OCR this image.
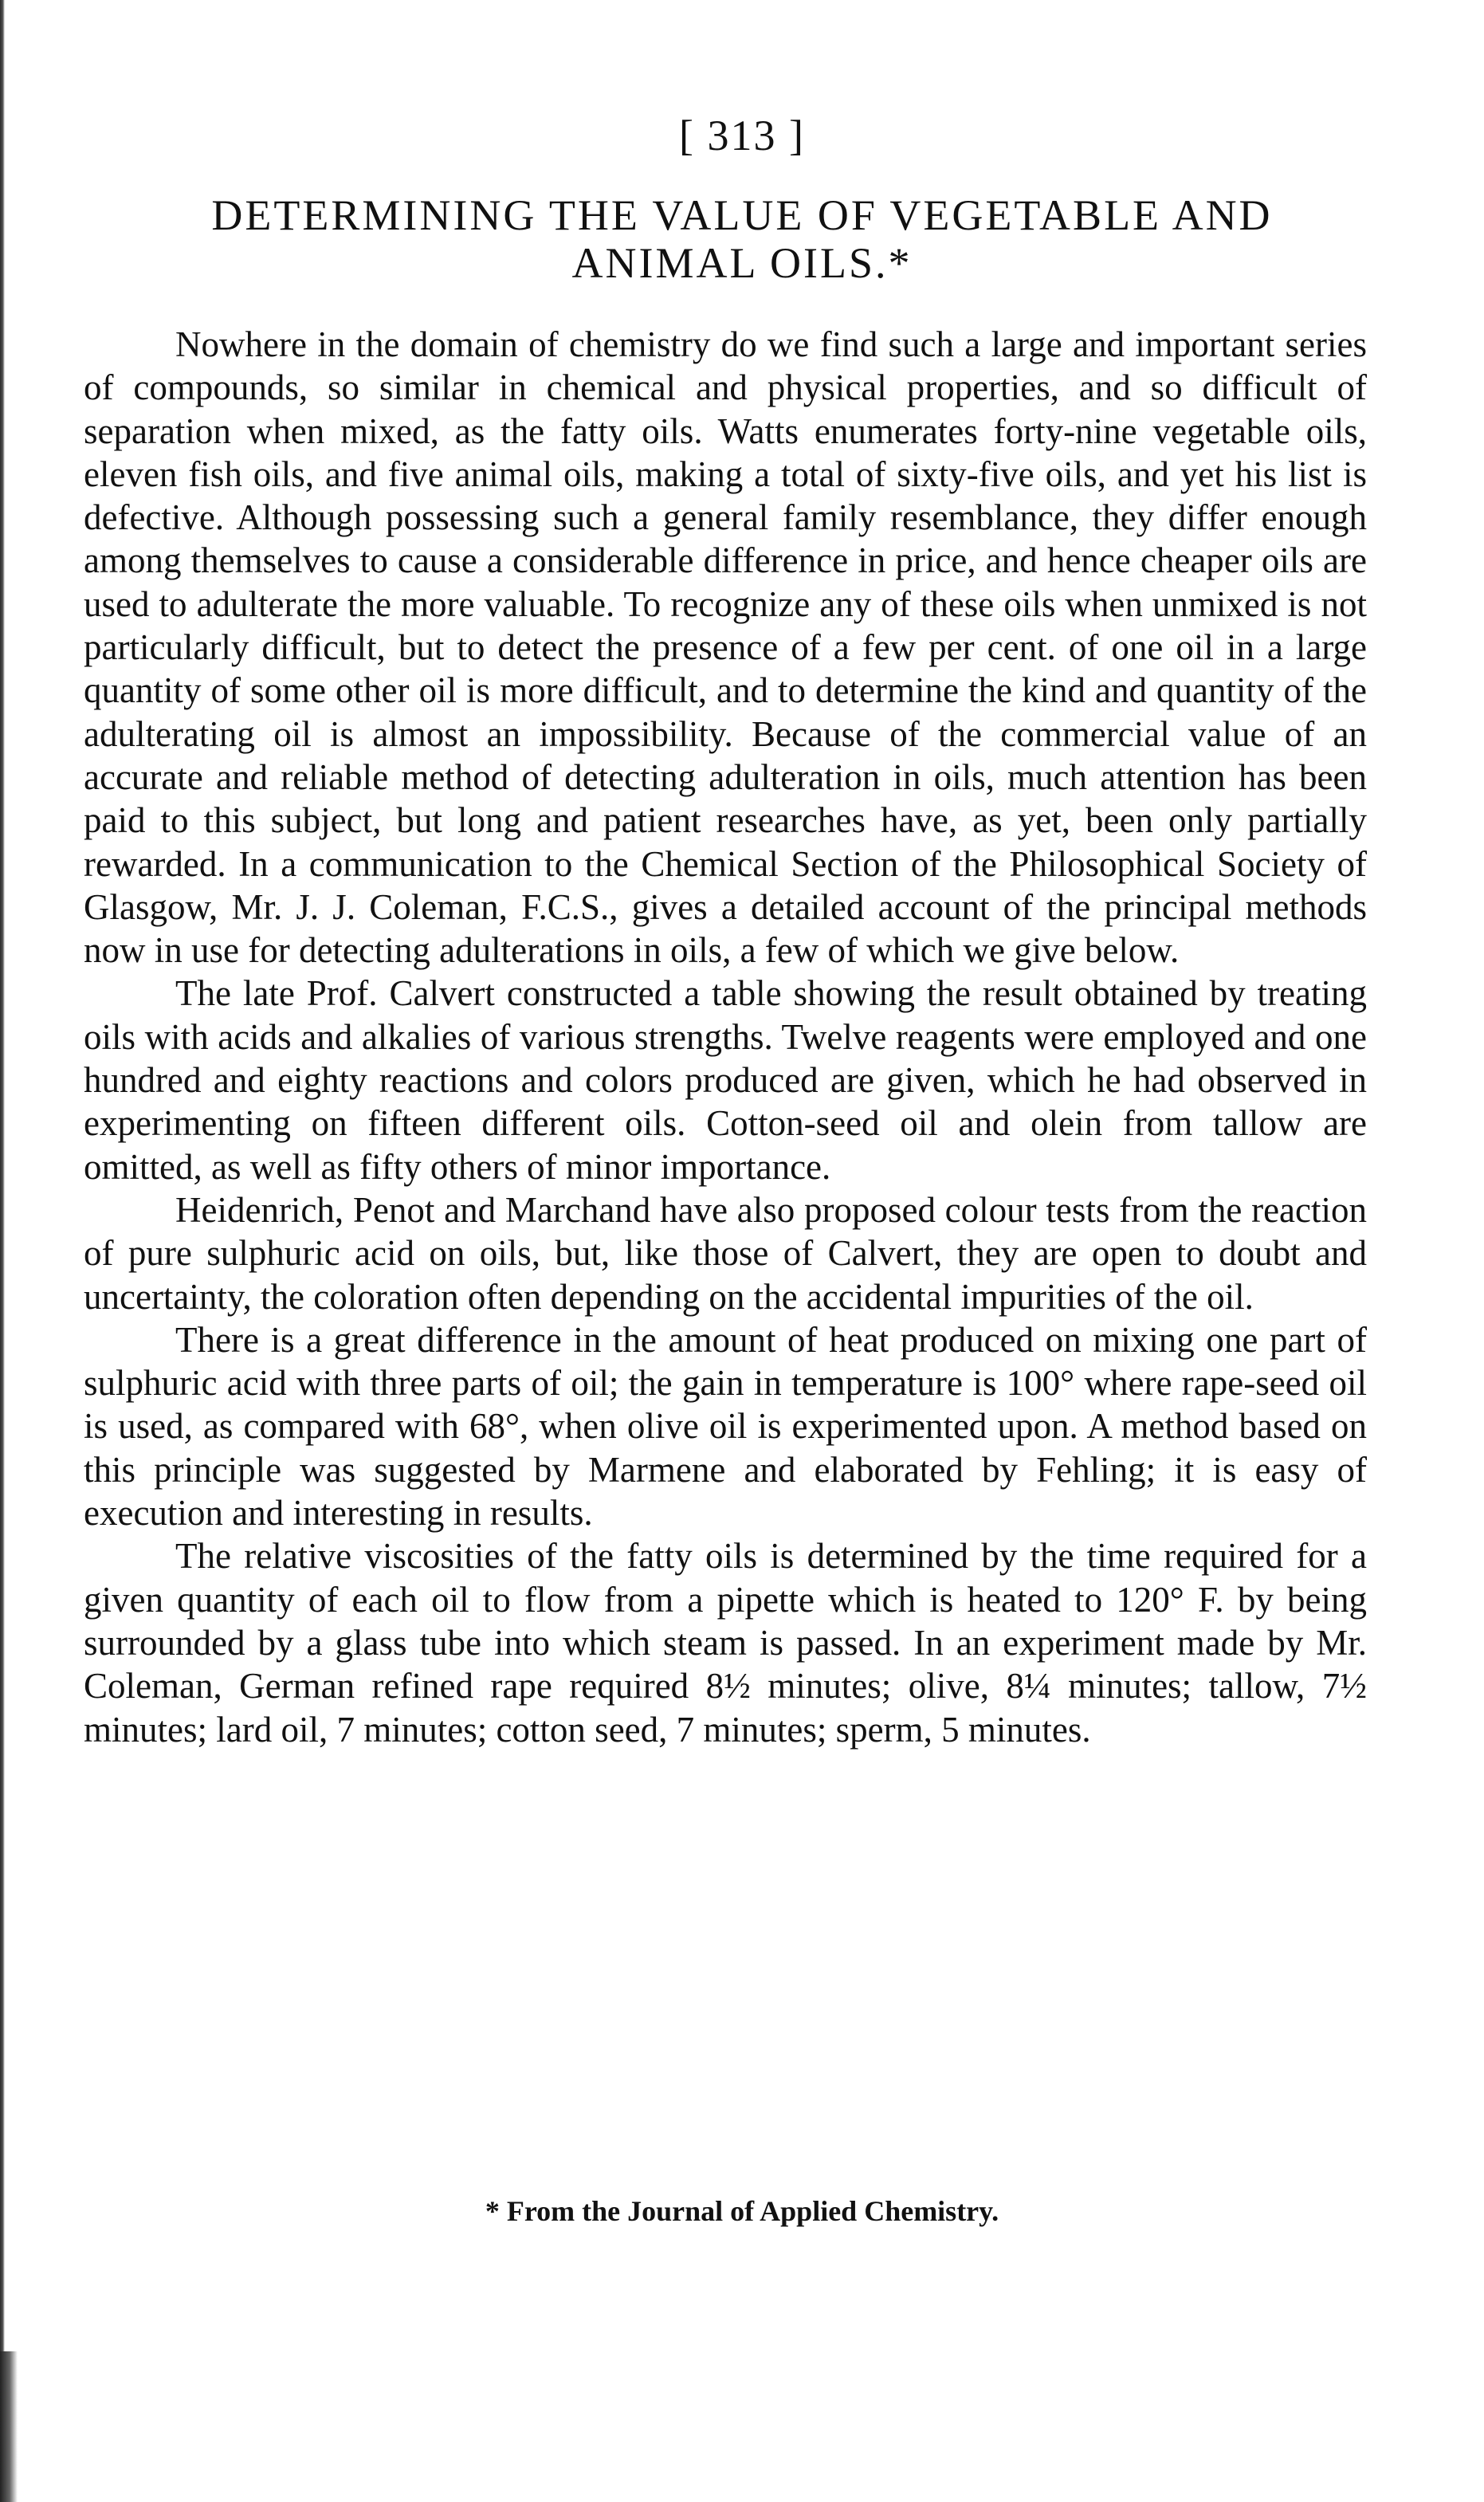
[ 313 ]
DETERMINING THE VALUE OF VEGETABLE AND
ANIMAL OILS.*

Nowhere in the domain of chemistry do we find such a large and important series of compounds, so similar in chemical and physical properties, and so difficult of separation when mixed, as the fatty oils. Watts enumerates forty-nine vegetable oils, eleven fish oils, and five animal oils, making a total of sixty-five oils, and yet his list is defective. Although possessing such a general family resemblance, they differ enough among themselves to cause a considerable difference in price, and hence cheaper oils are used to adulterate the more valuable. To recognize any of these oils when unmixed is not particularly difficult, but to detect the presence of a few per cent. of one oil in a large quantity of some other oil is more difficult, and to determine the kind and quantity of the adulterating oil is almost an impossibility. Because of the commercial value of an accurate and reliable method of detecting adulteration in oils, much attention has been paid to this subject, but long and patient researches have, as yet, been only partially rewarded. In a communication to the Chemical Section of the Philosophical Society of Glasgow, Mr. J. J. Coleman, F.C.S., gives a detailed account of the principal methods now in use for detecting adulterations in oils, a few of which we give below.

The late Prof. Calvert constructed a table showing the result obtained by treating oils with acids and alkalies of various strengths. Twelve reagents were employed and one hundred and eighty reactions and colors produced are given, which he had observed in experimenting on fifteen different oils. Cotton-seed oil and olein from tallow are omitted, as well as fifty others of minor importance.

Heidenrich, Penot and Marchand have also proposed colour tests from the reaction of pure sulphuric acid on oils, but, like those of Calvert, they are open to doubt and uncertainty, the coloration often depending on the accidental impurities of the oil.

There is a great difference in the amount of heat produced on mixing one part of sulphuric acid with three parts of oil; the gain in temperature is 100° where rape-seed oil is used, as compared with 68°, when olive oil is experimented upon. A method based on this principle was suggested by Marmene and elaborated by Fehling; it is easy of execution and interesting in results.

The relative viscosities of the fatty oils is determined by the time required for a given quantity of each oil to flow from a pipette which is heated to 120° F. by being surrounded by a glass tube into which steam is passed. In an experiment made by Mr. Coleman, German refined rape required 8½ minutes; olive, 8¼ minutes; tallow, 7½ minutes; lard oil, 7 minutes; cotton seed, 7 minutes; sperm, 5 minutes.

* From the Journal of Applied Chemistry.
